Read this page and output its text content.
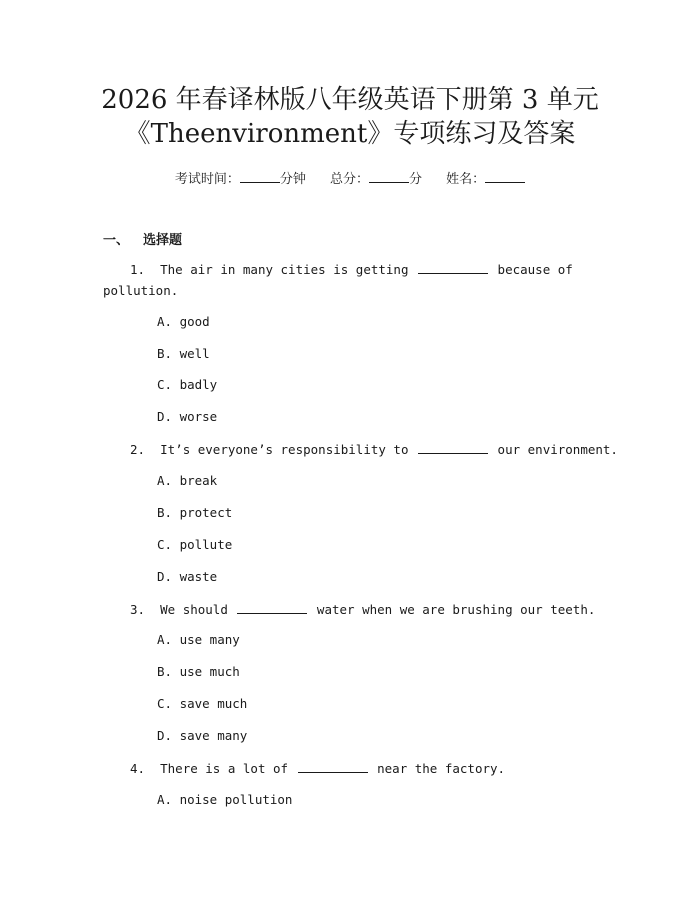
2026 年春译林版八年级英语下册第 3 单元
《Theenvironment》专项练习及答案
考试时间：	分钟 总分：	分 姓名：
一、 选择题
1. The air in many cities is getting	because of pollution.
A. good
B. well
C. badly
D. worse
2. It’s everyone’s responsibility to	our environment.
A. break
B. protect
C. pollute
D. waste
3. We should	water when we are brushing our teeth.
A. use many
B. use much
C. save much
D. save many
4. There is a lot of	near the factory.
A. noise pollution
